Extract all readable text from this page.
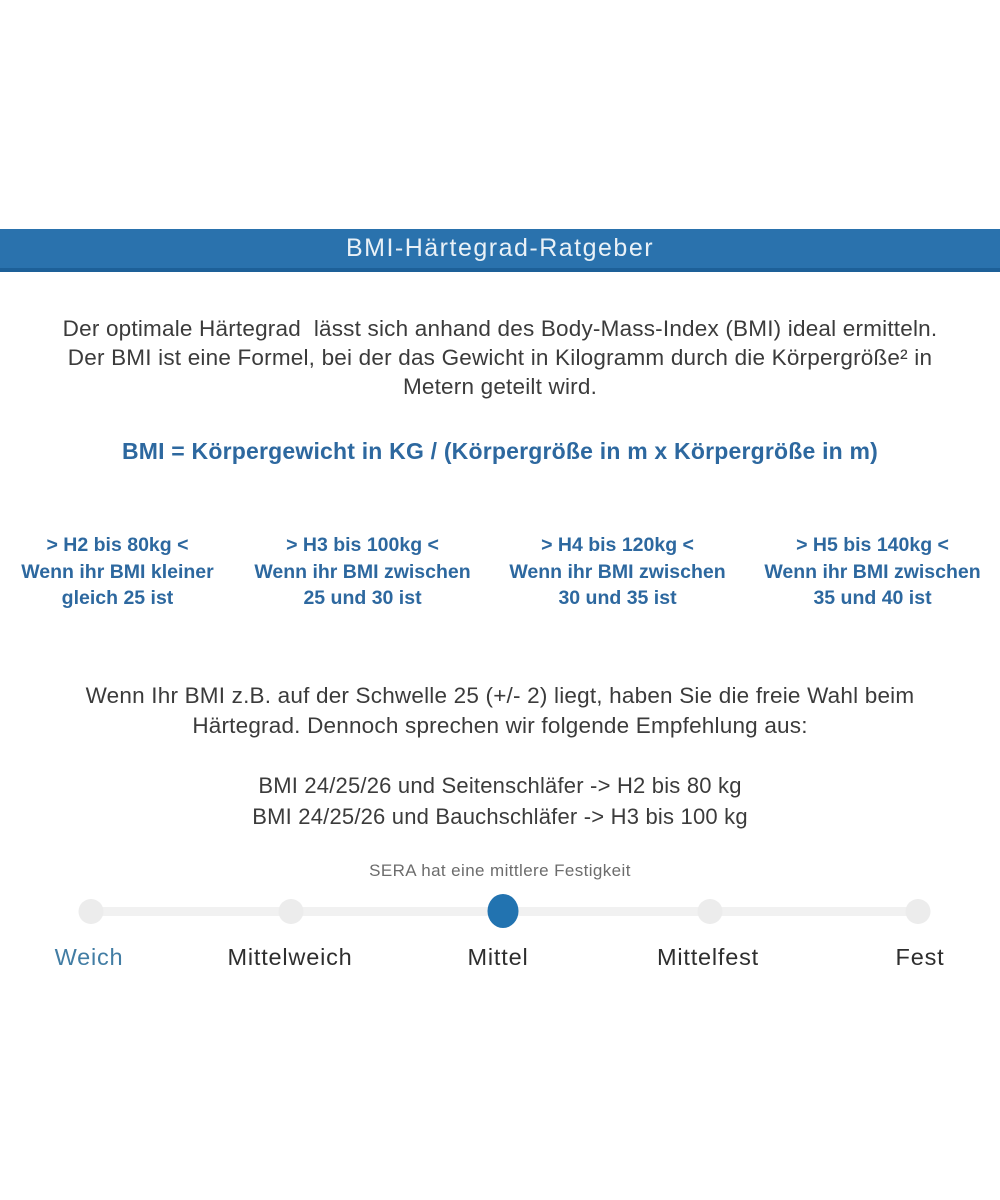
BMI-Härtegrad-Ratgeber
Der optimale Härtegrad  lässt sich anhand des Body-Mass-Index (BMI) ideal ermitteln.
Der BMI ist eine Formel, bei der das Gewicht in Kilogramm durch die Körpergröße² in
Metern geteilt wird.
BMI = Körpergewicht in KG / (Körpergröße in m x Körpergröße in m)
> H2 bis 80kg <
Wenn ihr BMI kleiner
gleich 25 ist
> H3 bis 100kg <
Wenn ihr BMI zwischen
25 und 30 ist
> H4 bis 120kg <
Wenn ihr BMI zwischen
30 und 35 ist
> H5 bis 140kg <
Wenn ihr BMI zwischen
35 und 40 ist
Wenn Ihr BMI z.B. auf der Schwelle 25 (+/- 2) liegt, haben Sie die freie Wahl beim
Härtegrad. Dennoch sprechen wir folgende Empfehlung aus:
BMI 24/25/26 und Seitenschläfer -> H2 bis 80 kg
BMI 24/25/26 und Bauchschläfer -> H3 bis 100 kg
SERA hat eine mittlere Festigkeit
Weich	Mittelweich	Mittel	Mittelfest	Fest
